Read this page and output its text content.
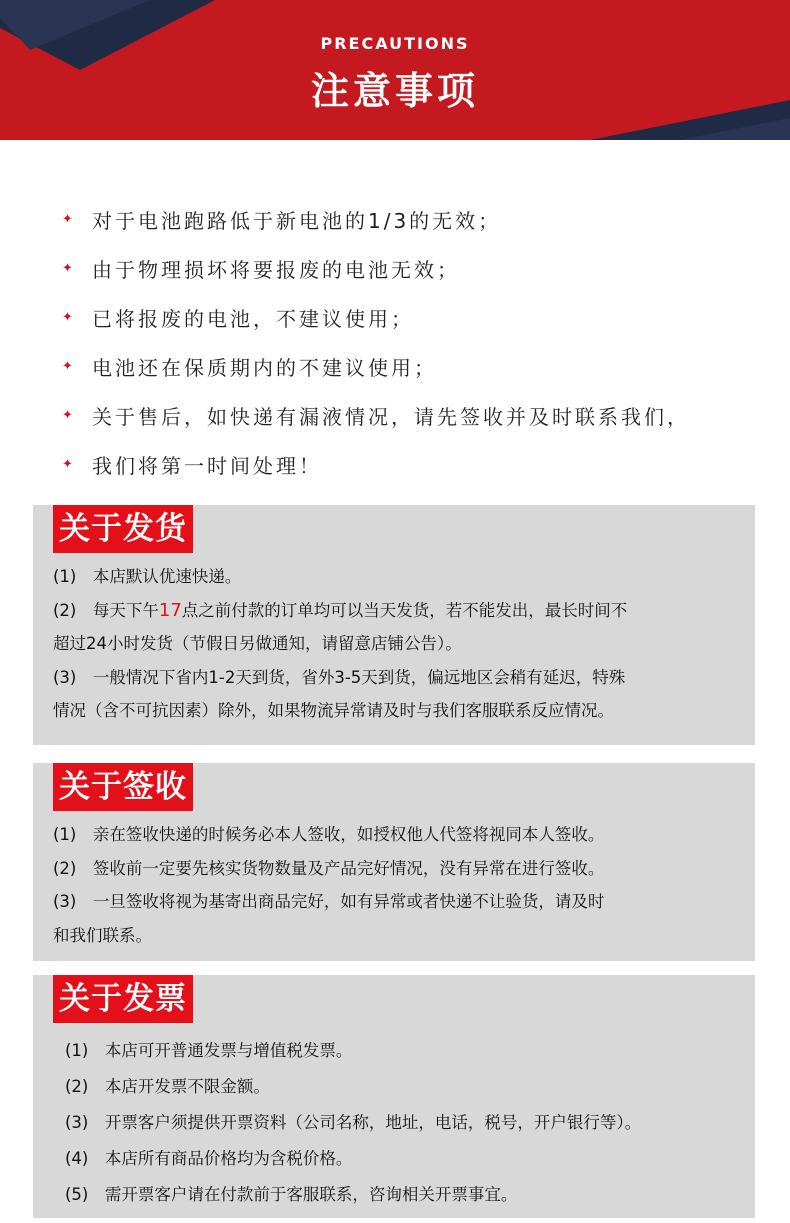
PRECAUTIONS
注意事项
✦ 对于电池跑路低于新电池的1/3的无效；
✦ 由于物理损坏将要报废的电池无效；
✦ 已将报废的电池，不建议使用；
✦ 电池还在保质期内的不建议使用；
✦ 关于售后，如快递有漏液情况，请先签收并及时联系我们，
✦ 我们将第一时间处理！
关于发货
(1)　本店默认优速快递。
(2)　每天下午17点之前付款的订单均可以当天发货，若不能发出，最长时间不
超过24小时发货（节假日另做通知，请留意店铺公告）。
(3)　一般情况下省内1-2天到货，省外3-5天到货，偏远地区会稍有延迟，特殊
情况（含不可抗因素）除外，如果物流异常请及时与我们客服联系反应情况。
关于签收
(1)　亲在签收快递的时候务必本人签收，如授权他人代签将视同本人签收。
(2)　签收前一定要先核实货物数量及产品完好情况，没有异常在进行签收。
(3)　一旦签收将视为基寄出商品完好，如有异常或者快递不让验货，请及时
和我们联系。
关于发票
(1)　本店可开普通发票与增值税发票。
(2)　本店开发票不限金额。
(3)　开票客户须提供开票资料（公司名称，地址，电话，税号，开户银行等）。
(4)　本店所有商品价格均为含税价格。
(5)　需开票客户请在付款前于客服联系，咨询相关开票事宜。
